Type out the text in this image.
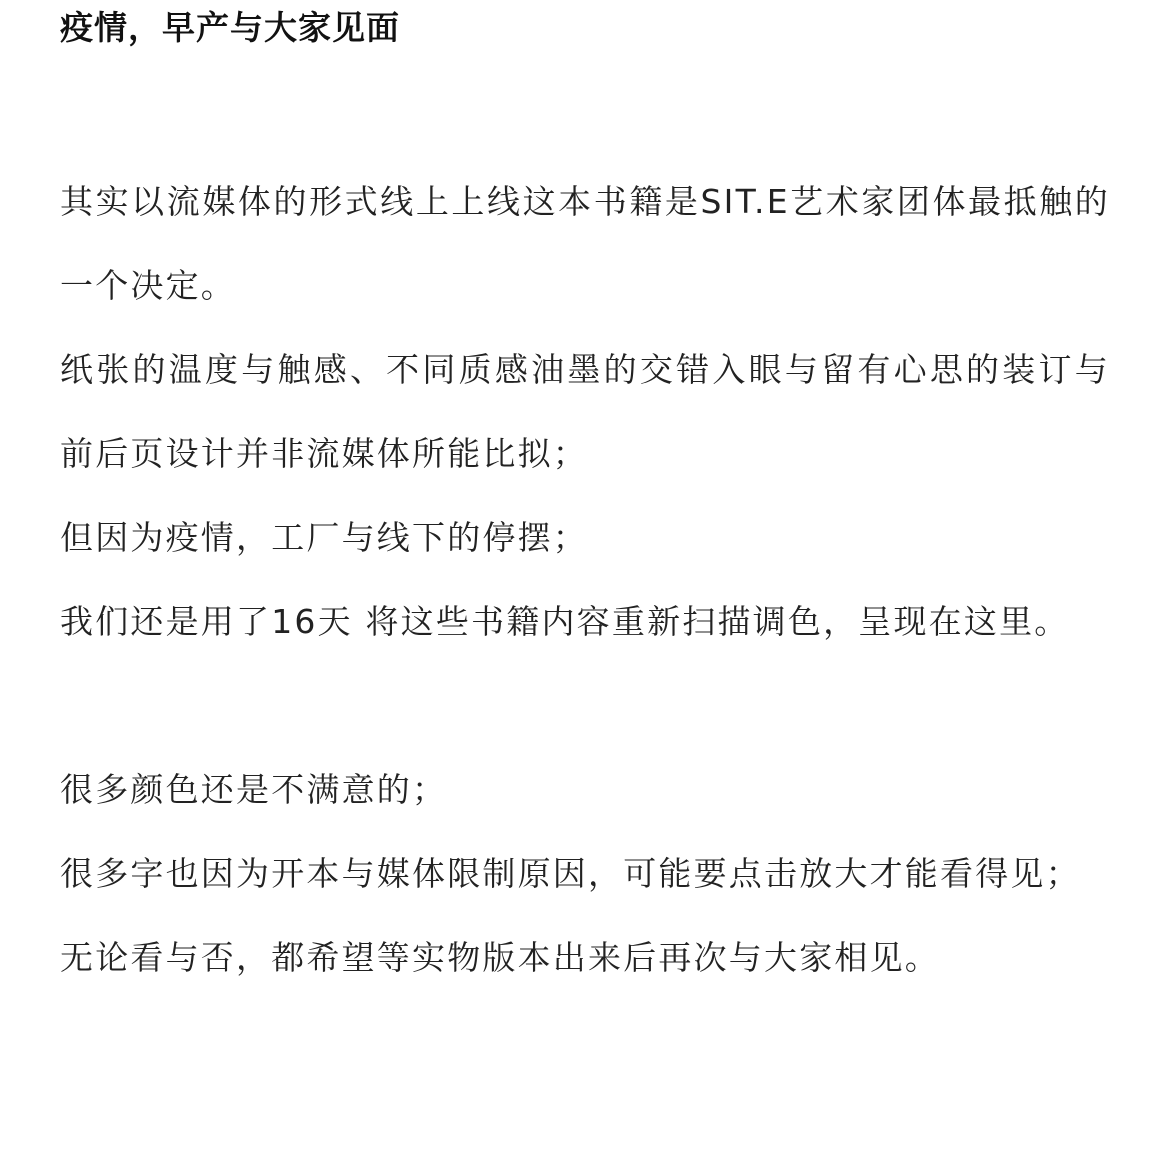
疫情，早产与大家见面

其实以流媒体的形式线上上线这本书籍是SIT.E艺术家团体最抵触的一个决定。

纸张的温度与触感、不同质感油墨的交错入眼与留有心思的装订与前后页设计并非流媒体所能比拟；

但因为疫情，工厂与线下的停摆；

我们还是用了16天 将这些书籍内容重新扫描调色，呈现在这里。

很多颜色还是不满意的；

很多字也因为开本与媒体限制原因，可能要点击放大才能看得见；

无论看与否，都希望等实物版本出来后再次与大家相见。
